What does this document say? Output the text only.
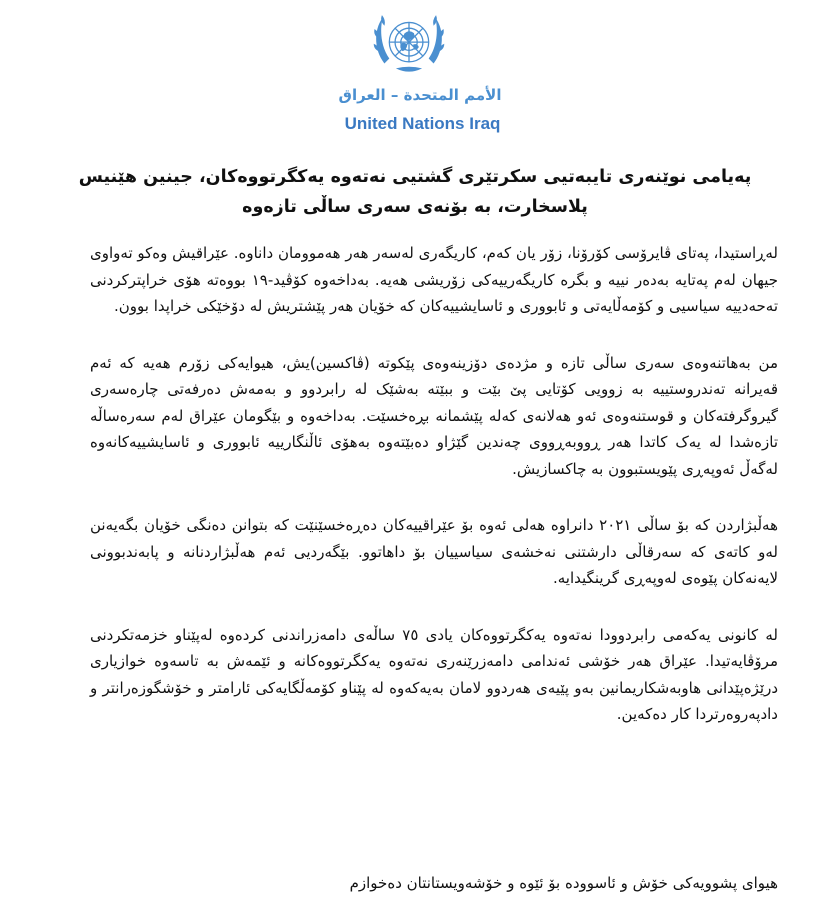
الأمم المتحدة – العراق
United Nations Iraq
پەیامی نوێنەری تایبەتیی سکرتێری گشتیی نەتەوە یەکگرتووەکان، جینین هێنیس پلاسخارت، بە بۆنەی سەری ساڵی تازەوە

لەڕاستیدا، پەتای ڤایرۆسی کۆرۆنا، زۆر یان کەم، کاریگەری لەسەر هەر هەموومان داناوە. عێراقیش وەکو تەواوی جیهان لەم پەتایە بەدەر نییە و بگرە کاریگەرییەکی زۆریشی هەیە. بەداخەوە کۆڤید-١٩ بووەتە هۆی خراپترکردنی تەحەدییە سیاسیی و کۆمەڵایەتی و ئابووری و ئاسایشییەکان کە خۆیان هەر پێشتریش لە دۆخێکی خراپدا بوون.

من بەهاتنەوەی سەری ساڵی تازە و مژدەی دۆزینەوەی پێکوتە (ڤاکسین)یش، هیوایەکی زۆرم هەیە کە ئەم قەیرانە تەندروستییە بە زوویی کۆتایی پێ بێت و ببێتە بەشێک لە رابردوو و بەمەش دەرفەتی چارەسەری گیروگرفتەکان و قوستنەوەی ئەو هەلانەی کەلە پێشمانە بڕەخسێت. بەداخەوە و بێگومان عێراق لەم سەرەساڵە تازەشدا لە یەک کاتدا هەر ڕووبەڕووی چەندین گێژاو دەبێتەوە بەهۆی ئاڵنگارییە ئابووری و ئاسایشییەکانەوە لەگەڵ ئەوپەڕی پێویستبوون بە چاکسازیش.

هەڵبژاردن کە بۆ ساڵی ٢٠٢١ دانراوە هەلی ئەوە بۆ عێراقییەکان دەڕەخسێنێت کە بتوانن دەنگی خۆیان بگەیەنن لەو کاتەی کە سەرقاڵی دارشتنی نەخشەی سیاسییان بۆ داهاتوو. بێگەردیی ئەم هەڵبژاردنانە و پابەندبوونی لایەنەکان پێوەی لەوپەڕی گرینگیدایە.

لە کانونی یەکەمی رابردوودا نەتەوە یەکگرتووەکان یادی ٧٥ ساڵەی دامەزراندنی کردەوە لەپێناو خزمەتکردنی مرۆڤایەتیدا. عێراق هەر خۆشی ئەندامی دامەزرێنەری نەتەوە یەکگرتووەکانە و ئێمەش بە تاسەوە خوازیاری درێژەپێدانی هاوبەشکاریمانین بەو پێیەی هەردوو لامان بەیەکەوە لە پێناو کۆمەڵگایەکی ئارامتر و خۆشگوزەرانتر و دادپەروەرتردا کار دەکەین.

هیوای پشوویەکی خۆش و ئاسوودە بۆ ئێوە و خۆشەویستانتان دەخوازم
